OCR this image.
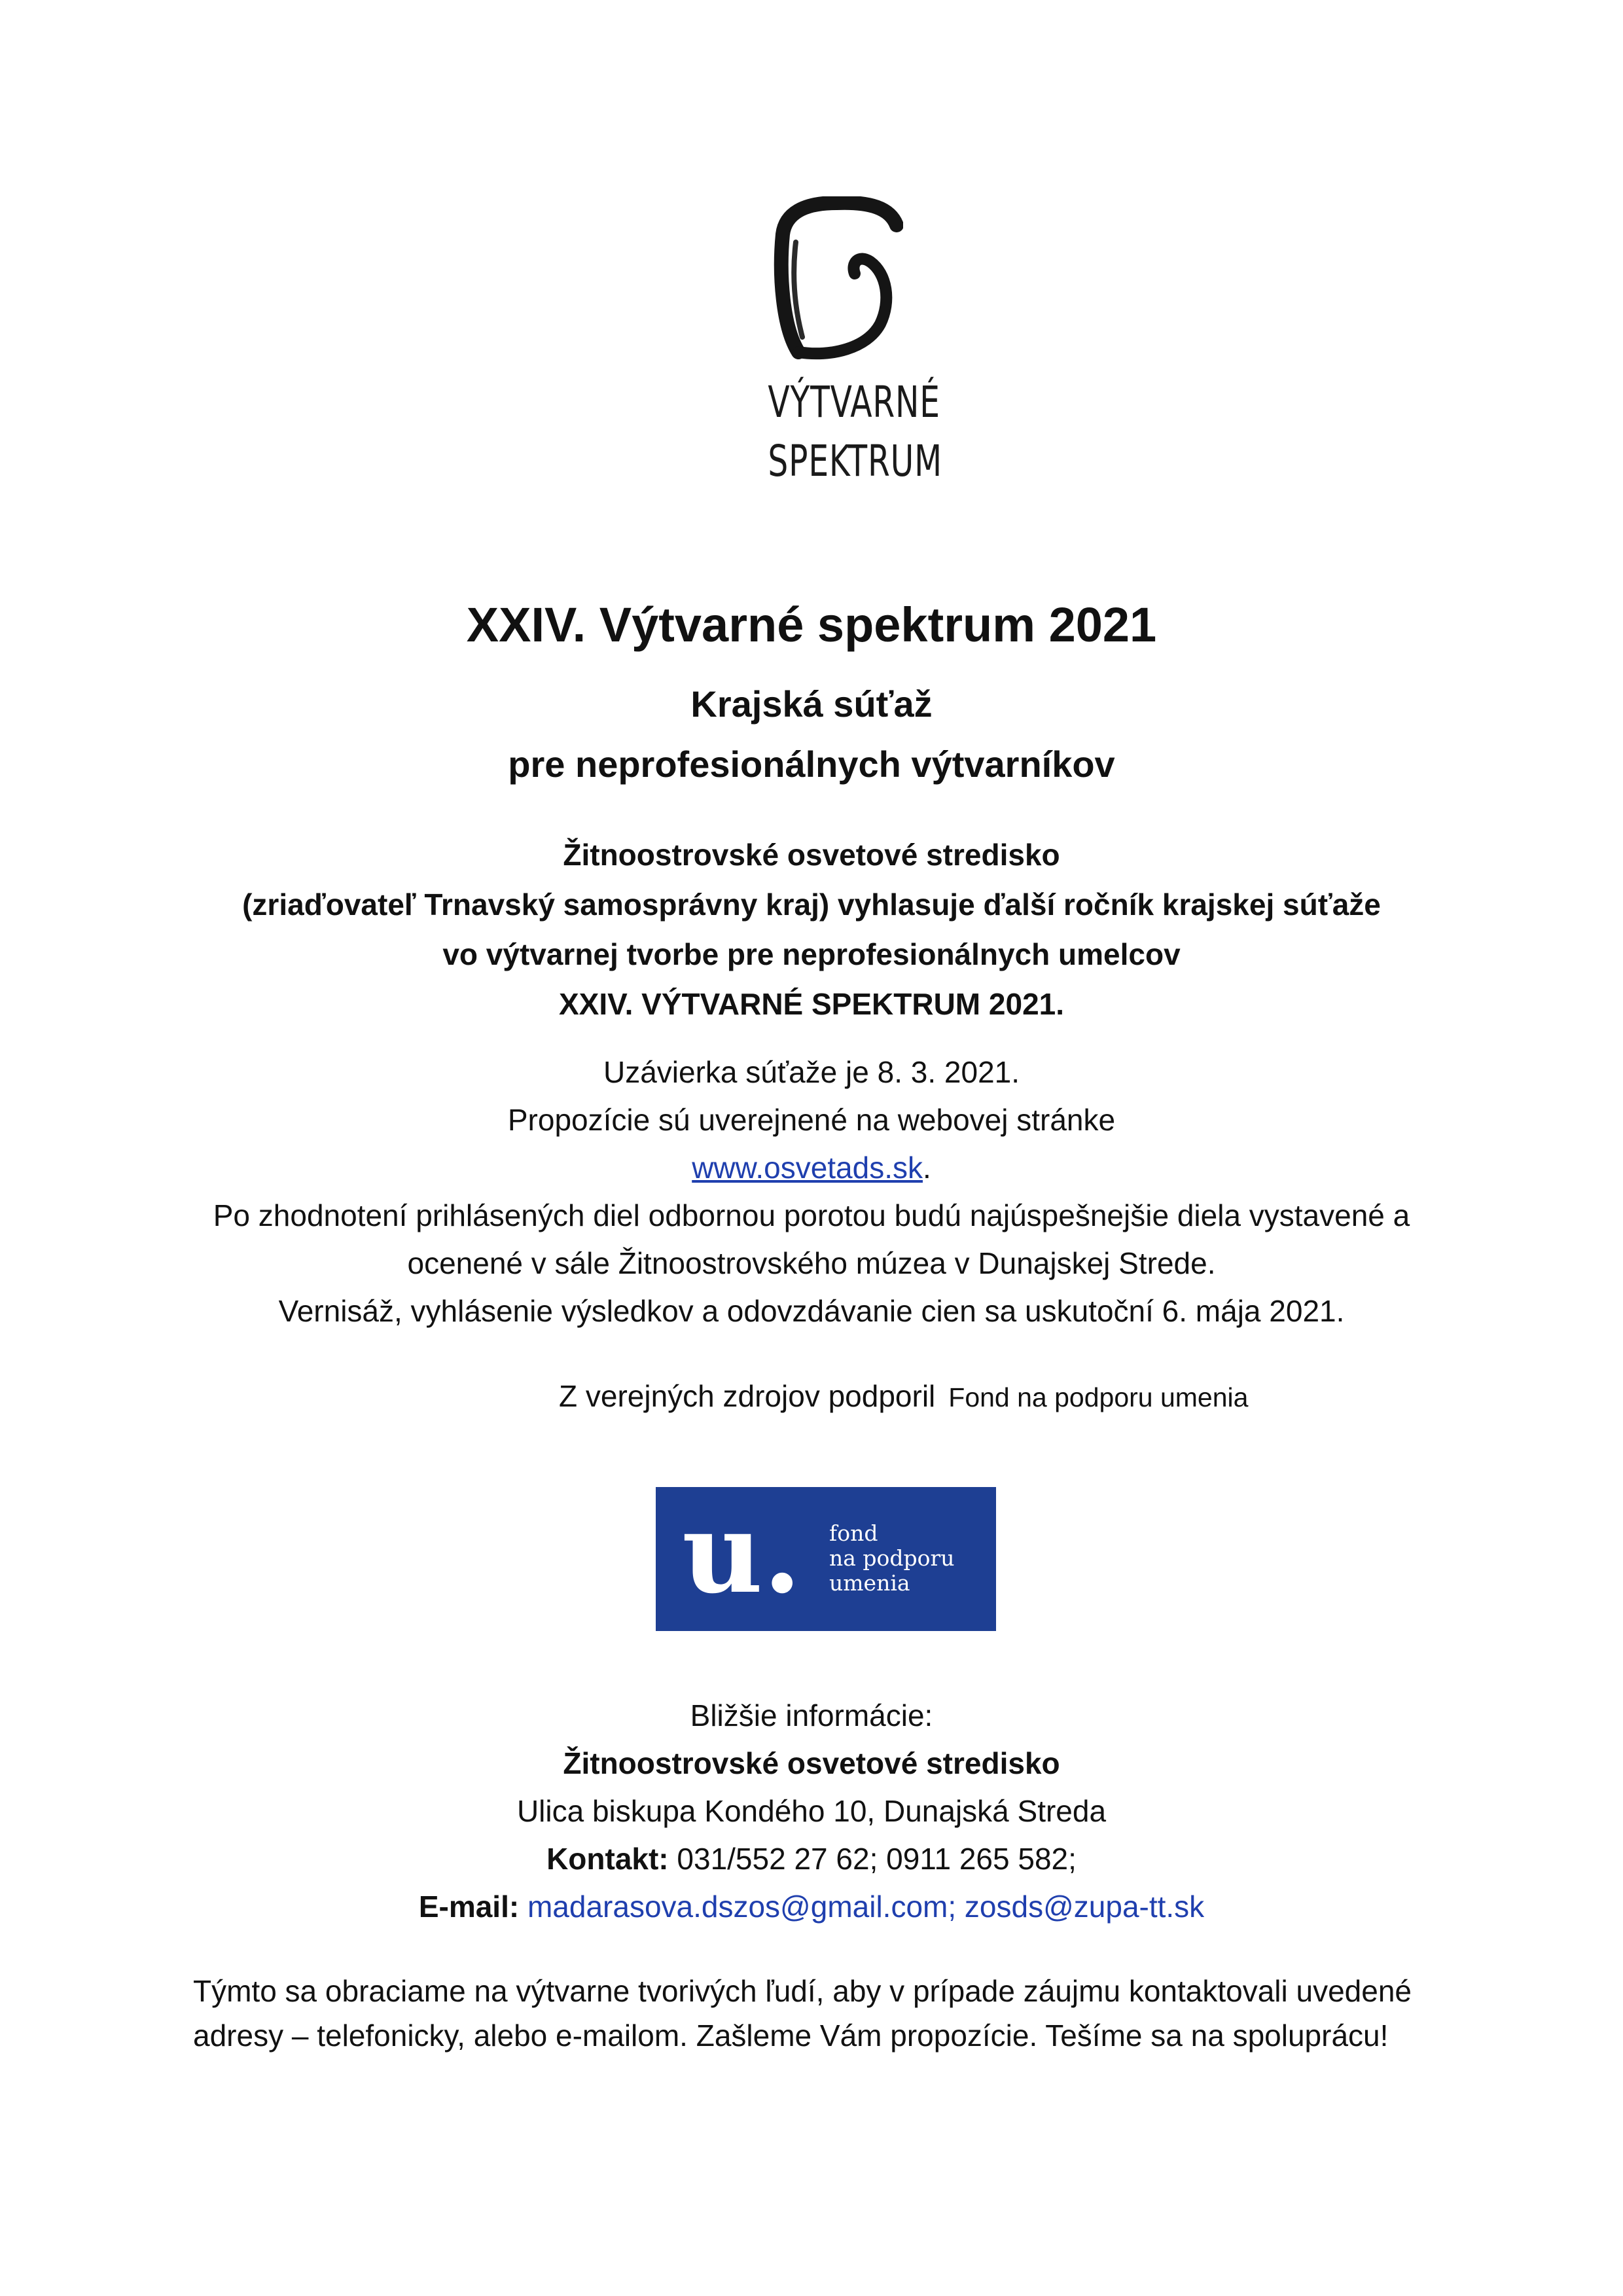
VÝTVARNÉ
SPEKTRUM
XXIV. Výtvarné spektrum 2021
Krajská súťaž
pre neprofesionálnych výtvarníkov
Žitnoostrovské osvetové stredisko
(zriaďovateľ Trnavský samosprávny kraj) vyhlasuje ďalší ročník krajskej súťaže
vo výtvarnej tvorbe pre neprofesionálnych umelcov
XXIV. VÝTVARNÉ SPEKTRUM 2021.
Uzávierka súťaže je 8. 3. 2021.
Propozície sú uverejnené na webovej stránke
www.osvetads.sk.
Po zhodnotení prihlásených diel odbornou porotou budú najúspešnejšie diela vystavené a
ocenené v sále Žitnoostrovského múzea v Dunajskej Strede.
Vernisáž, vyhlásenie výsledkov a odovzdávanie cien sa uskutoční 6. mája 2021.
Z verejných zdrojov podporil Fond na podporu umenia
u. fond
na podporu
umenia
Bližšie informácie:
Žitnoostrovské osvetové stredisko
Ulica biskupa Kondého 10, Dunajská Streda
Kontakt: 031/552 27 62; 0911 265 582;
E-mail: madarasova.dszos@gmail.com; zosds@zupa-tt.sk
Týmto sa obraciame na výtvarne tvorivých ľudí, aby v prípade záujmu kontaktovali uvedené adresy – telefonicky, alebo e-mailom. Zašleme Vám propozície. Tešíme sa na spoluprácu!
